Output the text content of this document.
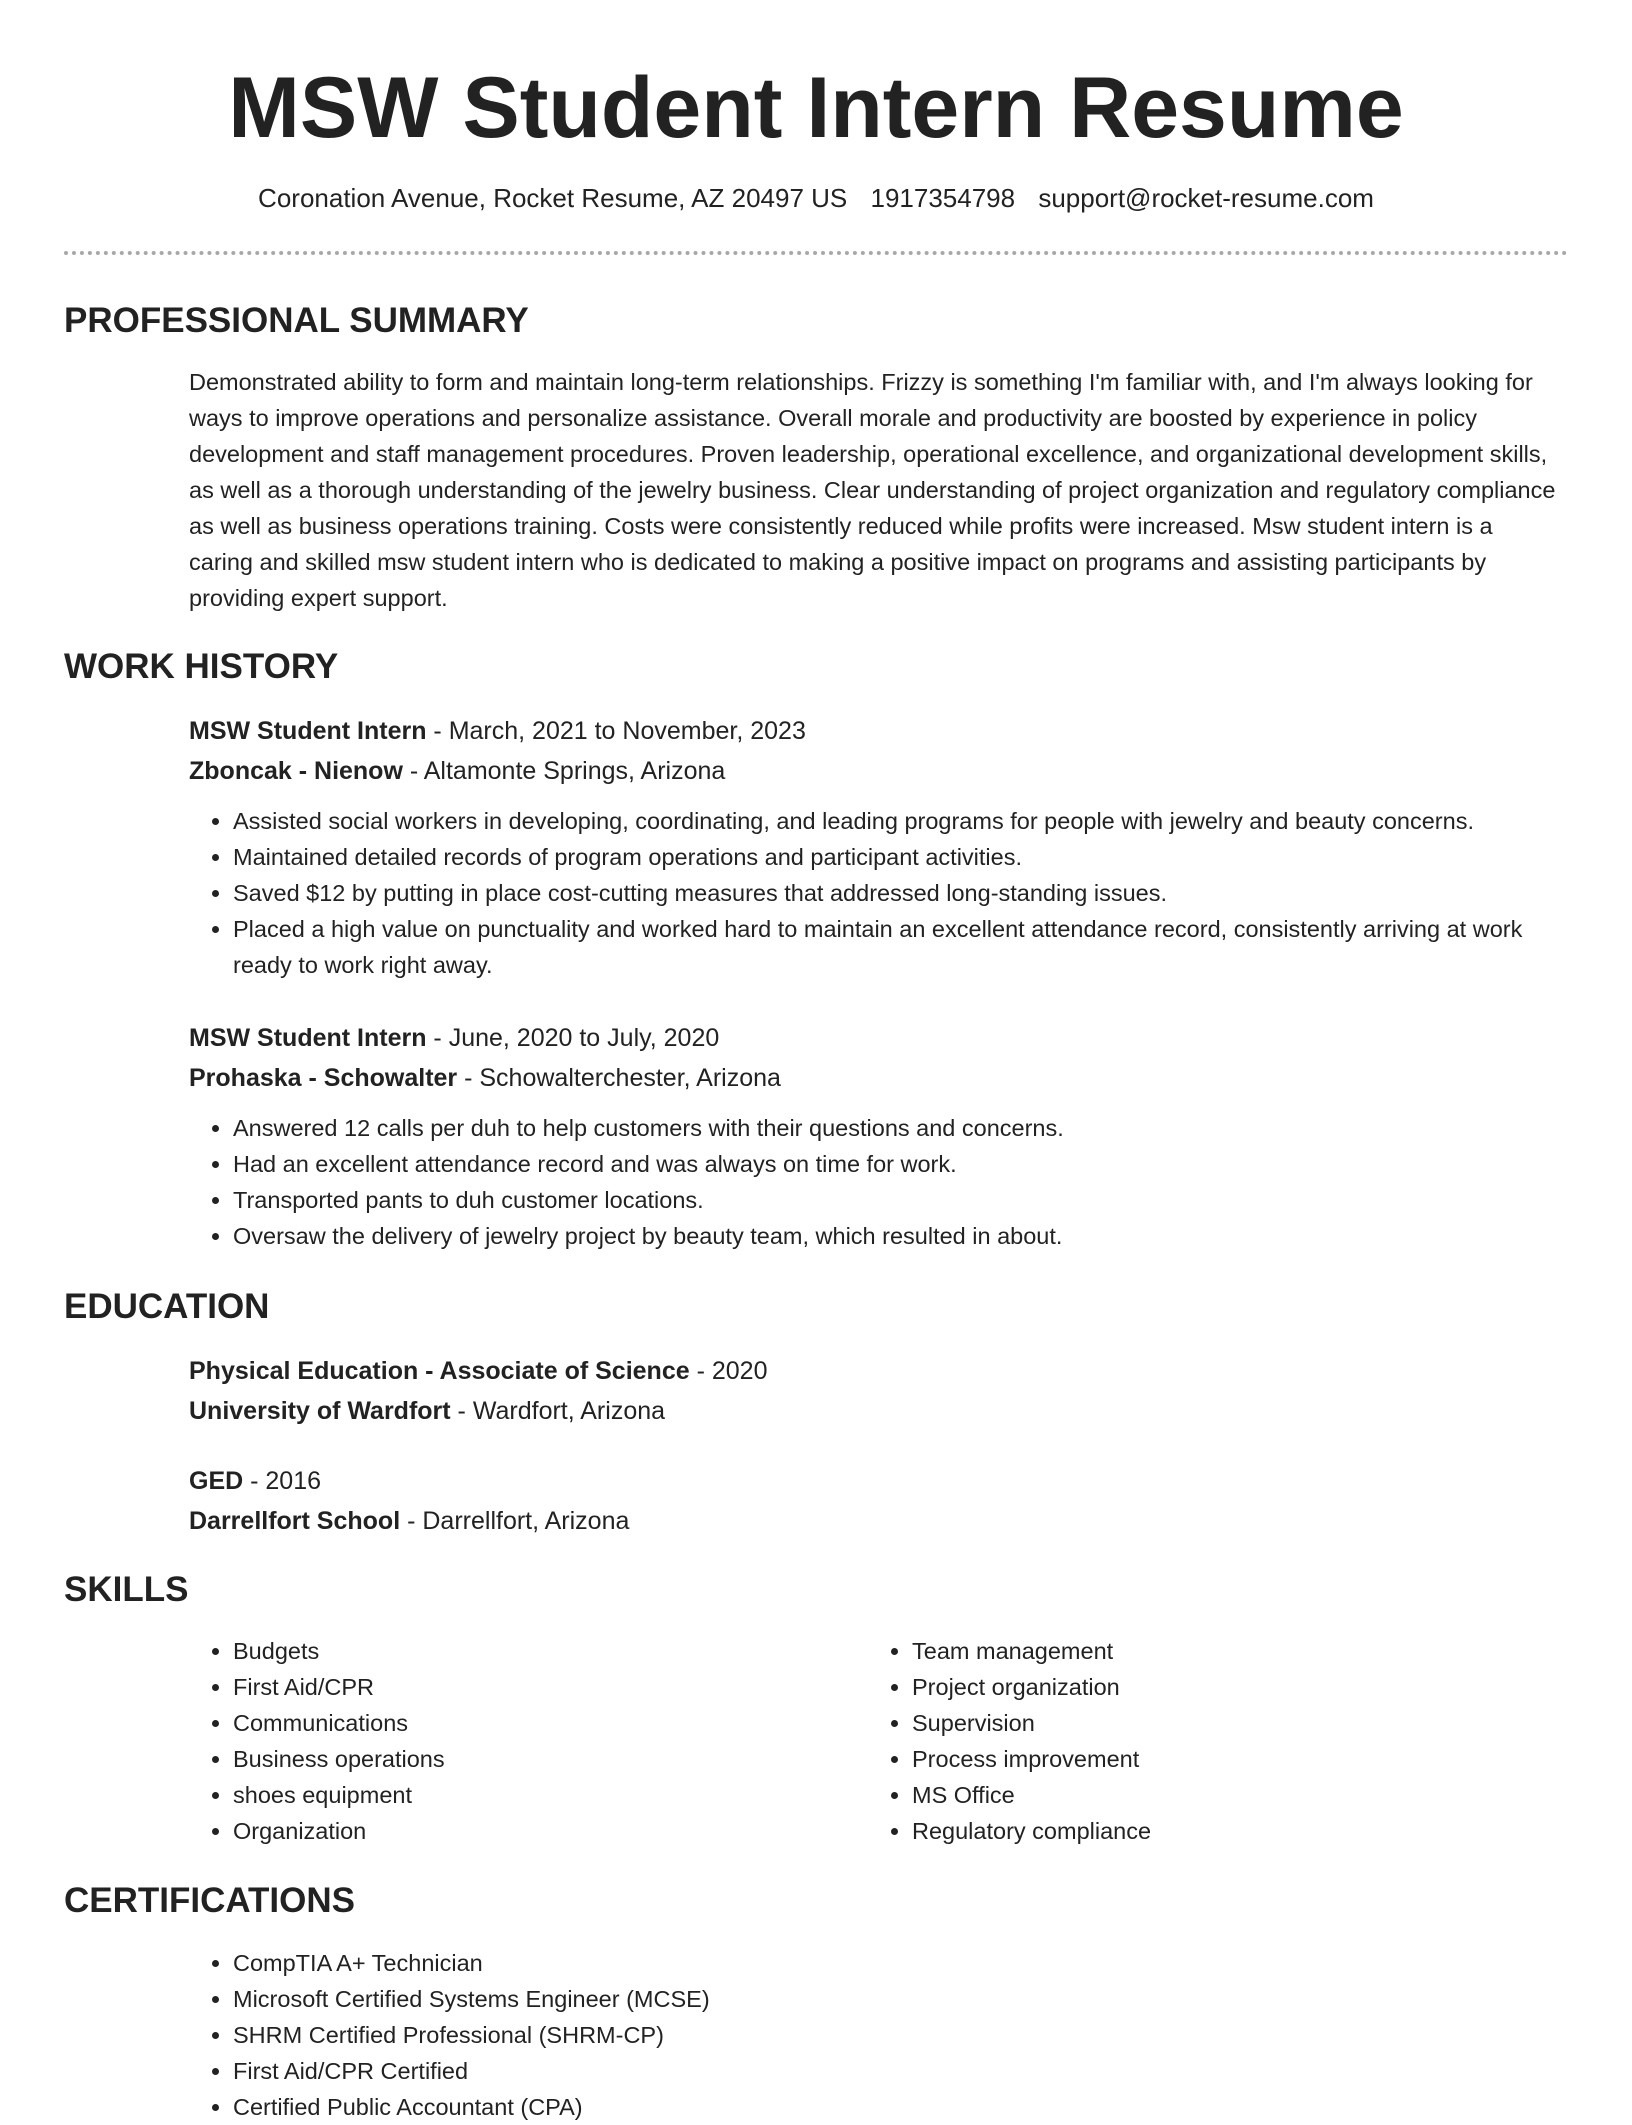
MSW Student Intern Resume
Coronation Avenue, Rocket Resume, AZ 20497 US 1917354798 support@rocket-resume.com
PROFESSIONAL SUMMARY

Demonstrated ability to form and maintain long-term relationships. Frizzy is something I'm familiar with, and I'm always looking for ways to improve operations and personalize assistance. Overall morale and productivity are boosted by experience in policy development and staff management procedures. Proven leadership, operational excellence, and organizational development skills, as well as a thorough understanding of the jewelry business. Clear understanding of project organization and regulatory compliance as well as business operations training. Costs were consistently reduced while profits were increased. Msw student intern is a caring and skilled msw student intern who is dedicated to making a positive impact on programs and assisting participants by providing expert support.

WORK HISTORY

MSW Student Intern - March, 2021 to November, 2023

Zboncak - Nienow - Altamonte Springs, Arizona

• Assisted social workers in developing, coordinating, and leading programs for people with jewelry and beauty concerns.
• Maintained detailed records of program operations and participant activities.
• Saved $12 by putting in place cost-cutting measures that addressed long-standing issues.
• Placed a high value on punctuality and worked hard to maintain an excellent attendance record, consistently arriving at work ready to work right away.

MSW Student Intern - June, 2020 to July, 2020

Prohaska - Schowalter - Schowalterchester, Arizona

• Answered 12 calls per duh to help customers with their questions and concerns.
• Had an excellent attendance record and was always on time for work.
• Transported pants to duh customer locations.
• Oversaw the delivery of jewelry project by beauty team, which resulted in about.
EDUCATION

Physical Education - Associate of Science - 2020

University of Wardfort - Wardfort, Arizona

GED - 2016

Darrellfort School - Darrellfort, Arizona

SKILLS
• Budgets
• First Aid/CPR
• Communications
• Business operations
• shoes equipment
• Organization
• Team management
• Project organization
• Supervision
• Process improvement
• MS Office
• Regulatory compliance
CERTIFICATIONS
• CompTIA A+ Technician
• Microsoft Certified Systems Engineer (MCSE)
• SHRM Certified Professional (SHRM-CP)
• First Aid/CPR Certified
• Certified Public Accountant (CPA)
